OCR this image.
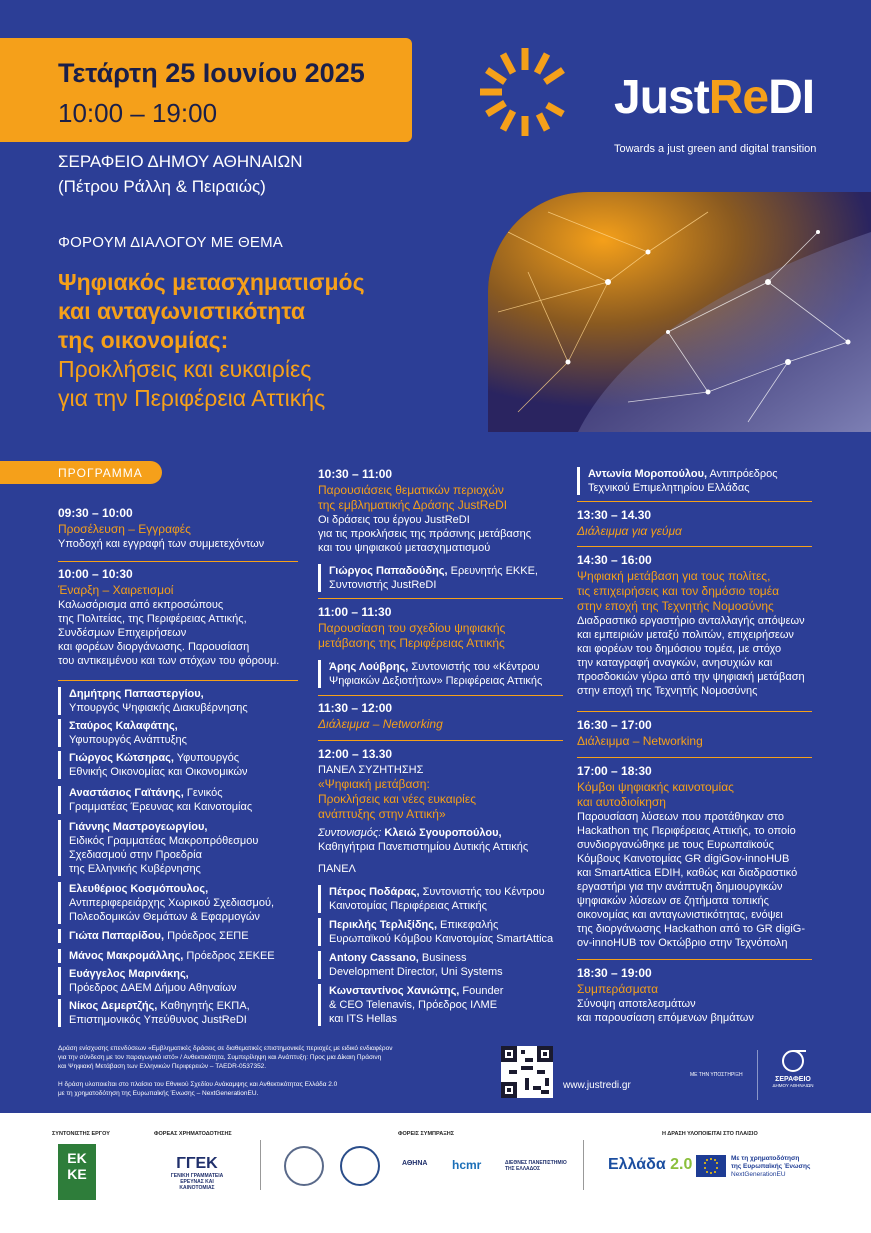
Τετάρτη 25 Ιουνίου 2025
10:00 – 19:00
ΣΕΡΑΦΕΙΟ ΔΗΜΟΥ ΑΘΗΝΑΙΩΝ
(Πέτρου Ράλλη & Πειραιώς)
ΦΟΡΟΥΜ ΔΙΑΛΟΓΟΥ ΜΕ ΘΕΜΑ
Ψηφιακός μετασχηματισμός
και ανταγωνιστικότητα
της οικονομίας:
Προκλήσεις και ευκαιρίες
για την Περιφέρεια Αττικής
JustReDI
Towards a just green and digital transition
ΠΡΟΓΡΑΜΜΑ
09:30 – 10:00
Προσέλευση – Εγγραφές
Υποδοχή και εγγραφή των συμμετεχόντων
10:00 – 10:30
Έναρξη – Χαιρετισμοί
Καλωσόρισμα από εκπροσώπους
της Πολιτείας, της Περιφέρειας Αττικής,
Συνδέσμων Επιχειρήσεων
και φορέων διοργάνωσης. Παρουσίαση
του αντικειμένου και των στόχων του φόρουμ.
Δημήτρης Παπαστεργίου,
Υπουργός Ψηφιακής Διακυβέρνησης
Σταύρος Καλαφάτης,
Υφυπουργός Ανάπτυξης
Γιώργος Κώτσηρας, Υφυπουργός
Εθνικής Οικονομίας και Οικονομικών
Αναστάσιος Γαϊτάνης, Γενικός
Γραμματέας Έρευνας και Καινοτομίας
Γιάννης Μαστρογεωργίου,
Ειδικός Γραμματέας Μακροπρόθεσμου
Σχεδιασμού στην Προεδρία
της Ελληνικής Κυβέρνησης
Ελευθέριος Κοσμόπουλος,
Αντιπεριφερειάρχης Χωρικού Σχεδιασμού,
Πολεοδομικών Θεμάτων & Εφαρμογών
Γιώτα Παπαρίδου, Πρόεδρος ΣΕΠΕ
Μάνος Μακρομάλλης, Πρόεδρος ΣΕΚΕΕ
Ευάγγελος Μαρινάκης,
Πρόεδρος ΔΑΕΜ Δήμου Αθηναίων
Νίκος Δεμερτζής, Καθηγητής ΕΚΠΑ,
Επιστημονικός Υπεύθυνος JustReDI
10:30 – 11:00
Παρουσιάσεις θεματικών περιοχών
της εμβληματικής Δράσης JustReDI
Οι δράσεις του έργου JustReDI
για τις προκλήσεις της πράσινης μετάβασης
και του ψηφιακού μετασχηματισμού
Γιώργος Παπαδούδης, Ερευνητής ΕΚΚΕ,
Συντονιστής JustReDI
11:00 – 11:30
Παρουσίαση του σχεδίου ψηφιακής
μετάβασης της Περιφέρειας Αττικής
Άρης Λούβρης, Συντονιστής του «Κέντρου
Ψηφιακών Δεξιοτήτων» Περιφέρειας Αττικής
11:30 – 12:00
Διάλειμμα – Networking
12:00 – 13.30
ΠΑΝΕΛ ΣΥΖΗΤΗΣΗΣ
«Ψηφιακή μετάβαση:
Προκλήσεις και νέες ευκαιρίες
ανάπτυξης στην Αττική»
Συντονισμός: Κλειώ Σγουροπούλου,
Καθηγήτρια Πανεπιστημίου Δυτικής Αττικής
ΠΑΝΕΛ
Πέτρος Ποδάρας, Συντονιστής του Κέντρου
Καινοτομίας Περιφέρειας Αττικής
Περικλής Τερλιξίδης, Επικεφαλής
Ευρωπαϊκού Κόμβου Καινοτομίας SmartAttica
Antony Cassano, Business
Development Director, Uni Systems
Κωνσταντίνος Χανιώτης, Founder
& CEO Telenavis, Πρόεδρος ΙΛΜΕ
και ITS Hellas
Αντωνία Μοροπούλου, Αντιπρόεδρος
Τεχνικού Επιμελητηρίου Ελλάδας
13:30 – 14.30
Διάλειμμα για γεύμα
14:30 – 16:00
Ψηφιακή μετάβαση για τους πολίτες,
τις επιχειρήσεις και τον δημόσιο τομέα
στην εποχή της Τεχνητής Νομοσύνης
Διαδραστικό εργαστήριο ανταλλαγής απόψεων
και εμπειριών μεταξύ πολιτών, επιχειρήσεων
και φορέων του δημόσιου τομέα, με στόχο
την καταγραφή αναγκών, ανησυχιών και
προσδοκιών γύρω από την ψηφιακή μετάβαση
στην εποχή της Τεχνητής Νομοσύνης
16:30 – 17:00
Διάλειμμα – Networking
17:00 – 18:30
Κόμβοι ψηφιακής καινοτομίας
και αυτοδιοίκηση
Παρουσίαση λύσεων που προτάθηκαν στο
Hackathon της Περιφέρειας Αττικής, το οποίο
συνδιοργανώθηκε με τους Ευρωπαϊκούς
Κόμβους Καινοτομίας GR digiGov-innoHUB
και SmartAttica EDIH, καθώς και διαδραστικό
εργαστήρι για την ανάπτυξη δημιουργικών
ψηφιακών λύσεων σε ζητήματα τοπικής
οικονομίας και ανταγωνιστικότητας, ενόψει
της διοργάνωσης Hackathon από το GR digiG-
ov-innoHUB τον Οκτώβριο στην Τεχνόπολη
18:30 – 19:00
Συμπεράσματα
Σύνοψη αποτελεσμάτων
και παρουσίαση επόμενων βημάτων
Δράση ενίσχυσης επενδύσεων «Εμβληματικές δράσεις σε διαθεματικές επιστημονικές περιοχές με ειδικό ενδιαφέρον
για την σύνδεση με τον παραγωγικό ιστό» / Ανθεκτικότητα, Συμπερίληψη και Ανάπτυξη: Προς μια Δίκαιη Πράσινη
και Ψηφιακή Μετάβαση των Ελληνικών Περιφερειών – TAEDR-0537352.
Η δράση υλοποιείται στο πλαίσιο του Εθνικού Σχεδίου Ανάκαμψης και Ανθεκτικότητας Ελλάδα 2.0
με τη χρηματοδότηση της Ευρωπαϊκής Ένωσης – NextGenerationEU.
www.justredi.gr
ΜΕ ΤΗΝ ΥΠΟΣΤΗΡΙΞΗ
ΣΕΡΑΦΕΙΟ
ΔΗΜΟΥ ΑΘΗΝΑΙΩΝ
ΣΥΝΤΟΝΙΣΤΗΣ ΕΡΓΟΥ	ΦΟΡΕΑΣ ΧΡΗΜΑΤΟΔΟΤΗΣΗΣ	ΦΟΡΕΙΣ ΣΥΜΠΡΑΞΗΣ	Η ΔΡΑΣΗ ΥΛΟΠΟΙΕΙΤΑΙ ΣΤΟ ΠΛΑΙΣΙΟ
ΕΚ ΚΕ
ΓΓΕΚ
ΓΕΝΙΚΗ ΓΡΑΜΜΑΤΕΙΑ ΕΡΕΥΝΑΣ ΚΑΙ ΚΑΙΝΟΤΟΜΙΑΣ
ΑΘΗΝΑ hcmr	ΔΙΕΘΝΕΣ ΠΑΝΕΠΙΣΤΗΜΙΟ ΤΗΣ ΕΛΛΑΔΟΣ	Ελλάδα 2.0	Με τη χρηματοδότηση
της Ευρωπαϊκής Ένωσης
NextGenerationEU
